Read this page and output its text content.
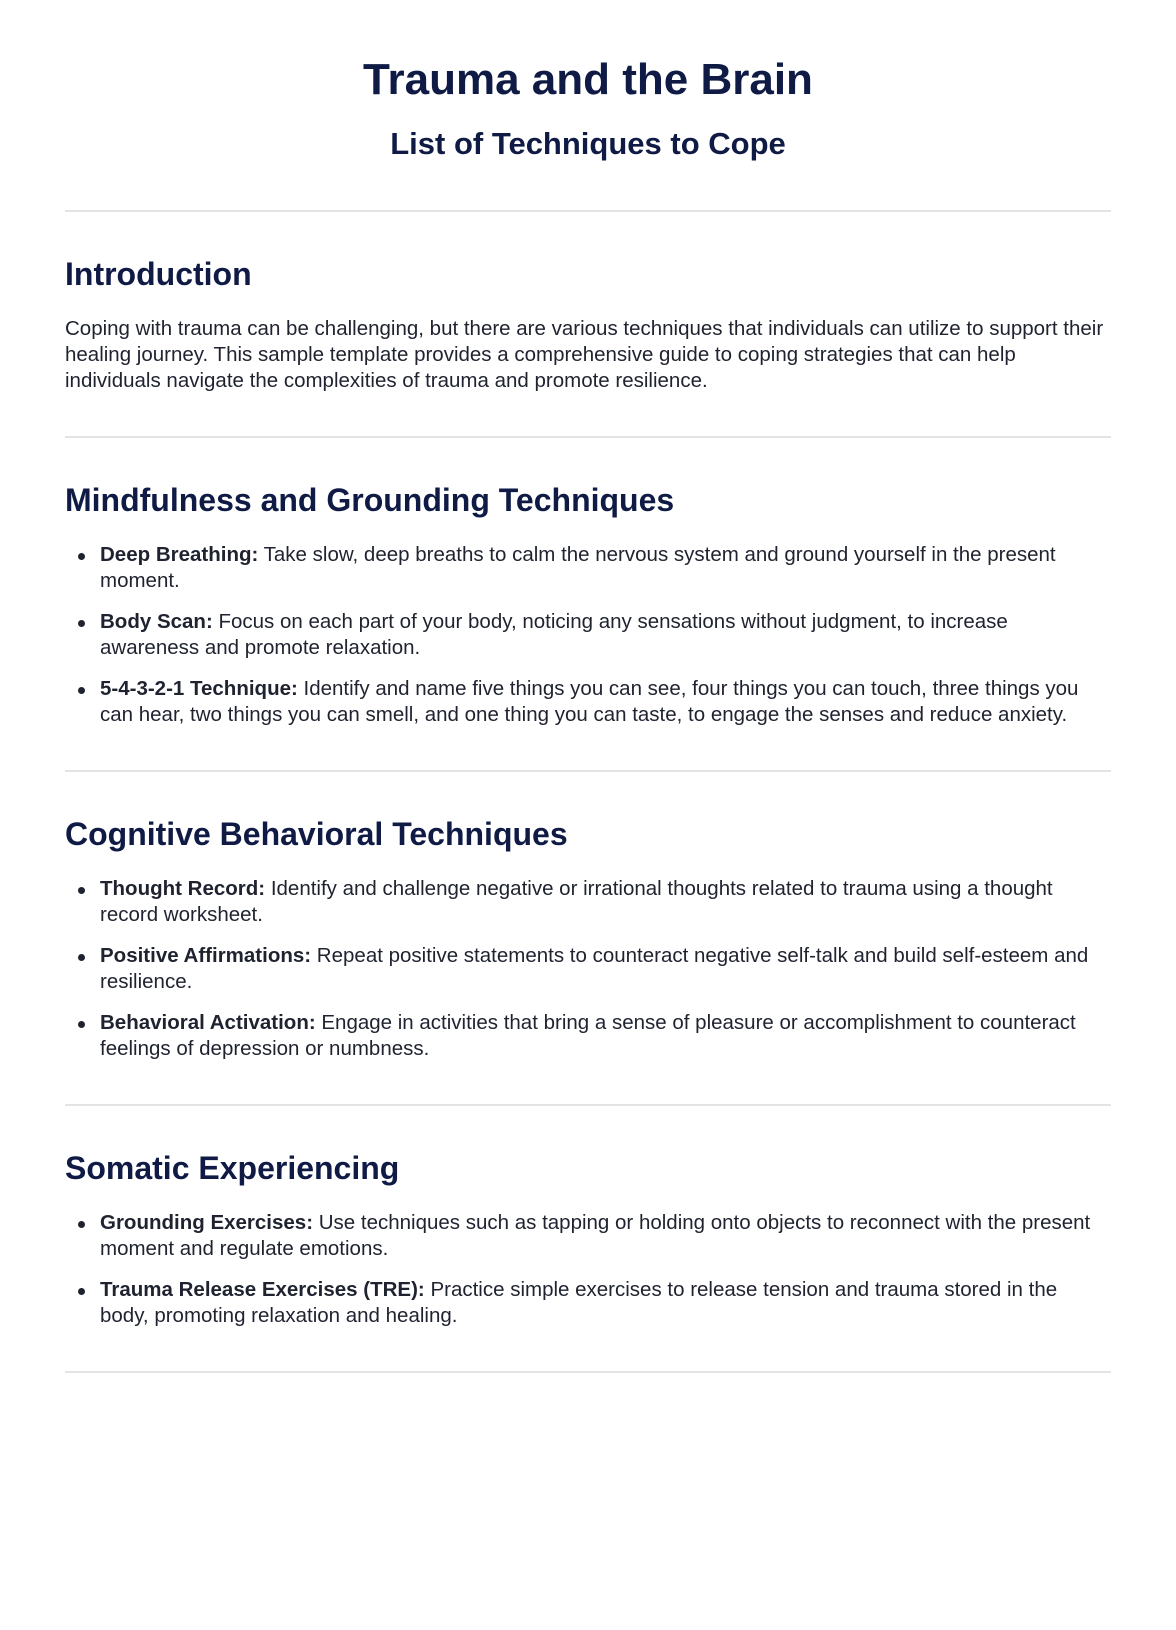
Trauma and the Brain
List of Techniques to Cope
Introduction

Coping with trauma can be challenging, but there are various techniques that individuals can utilize to support their healing journey. This sample template provides a comprehensive guide to coping strategies that can help individuals navigate the complexities of trauma and promote resilience.

Mindfulness and Grounding Techniques
Deep Breathing: Take slow, deep breaths to calm the nervous system and ground yourself in the present moment.
Body Scan: Focus on each part of your body, noticing any sensations without judgment, to increase awareness and promote relaxation.
5-4-3-2-1 Technique: Identify and name five things you can see, four things you can touch, three things you can hear, two things you can smell, and one thing you can taste, to engage the senses and reduce anxiety.
Cognitive Behavioral Techniques
Thought Record: Identify and challenge negative or irrational thoughts related to trauma using a thought record worksheet.
Positive Affirmations: Repeat positive statements to counteract negative self-talk and build self-esteem and resilience.
Behavioral Activation: Engage in activities that bring a sense of pleasure or accomplishment to counteract feelings of depression or numbness.
Somatic Experiencing
Grounding Exercises: Use techniques such as tapping or holding onto objects to reconnect with the present moment and regulate emotions.
Trauma Release Exercises (TRE): Practice simple exercises to release tension and trauma stored in the body, promoting relaxation and healing.
